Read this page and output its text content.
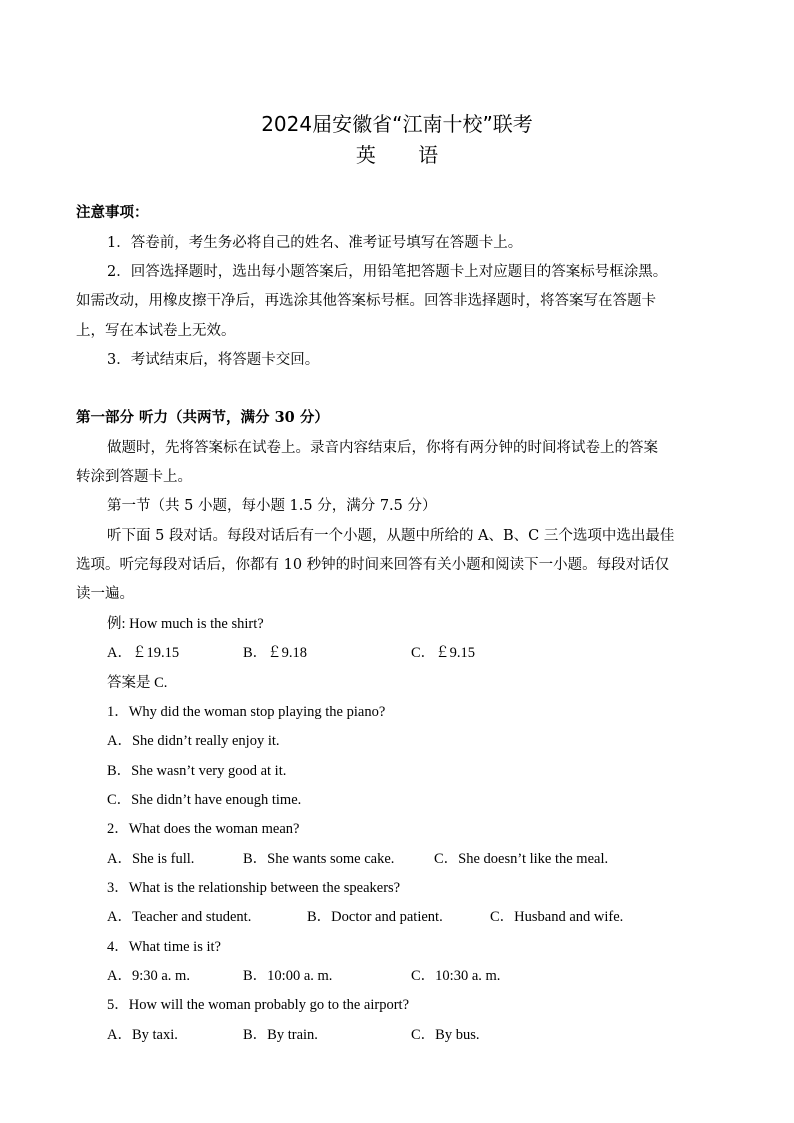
2024届安徽省“江南十校”联考
英 语
注意事项：
1．答卷前，考生务必将自己的姓名、准考证号填写在答题卡上。
2．回答选择题时，选出每小题答案后，用铅笔把答题卡上对应题目的答案标号框涂黑。
如需改动，用橡皮擦干净后，再选涂其他答案标号框。回答非选择题时，将答案写在答题卡
上，写在本试卷上无效。
3．考试结束后，将答题卡交回。
第一部分 听力（共两节，满分 30 分）
做题时，先将答案标在试卷上。录音内容结束后，你将有两分钟的时间将试卷上的答案
转涂到答题卡上。
第一节（共 5 小题，每小题 1.5 分，满分 7.5 分）
听下面 5 段对话。每段对话后有一个小题，从题中所给的 A、B、C 三个选项中选出最佳
选项。听完每段对话后，你都有 10 秒钟的时间来回答有关小题和阅读下一小题。每段对话仅
读一遍。
例: How much is the shirt?
A．￡19.15	B．￡9.18	C．￡9.15
答案是 C.
1．Why did the woman stop playing the piano?
A．She didn’t really enjoy it.
B．She wasn’t very good at it.
C．She didn’t have enough time.
2．What does the woman mean?
A．She is full.	B．She wants some cake.	C．She doesn’t like the meal.
3．What is the relationship between the speakers?
A．Teacher and student.	B．Doctor and patient.	C．Husband and wife.
4．What time is it?
A．9:30 a. m.	B．10:00 a. m.	C．10:30 a. m.
5．How will the woman probably go to the airport?
A．By taxi.	B．By train.	C．By bus.
